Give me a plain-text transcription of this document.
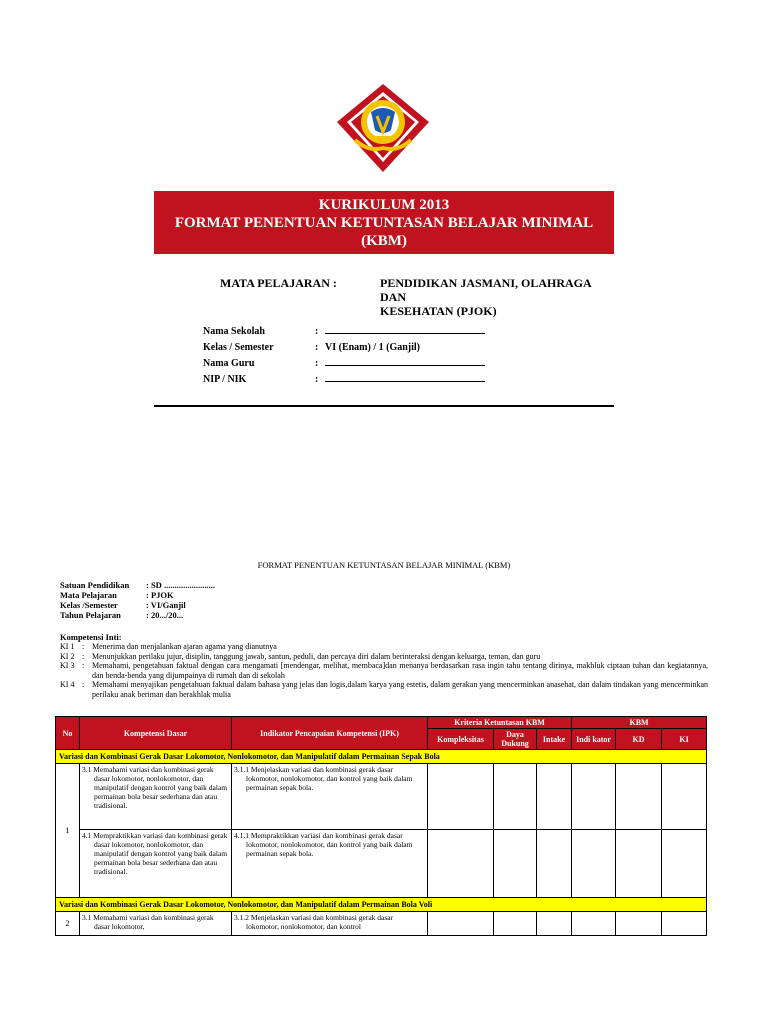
KURIKULUM 2013
FORMAT PENENTUAN KETUNTASAN BELAJAR MINIMAL
(KBM)
MATA PELAJARAN :	PENDIDIKAN JASMANI, OLAHRAGA DAN
KESEHATAN (PJOK)
Nama Sekolah	:
Kelas / Semester	: VI (Enam) / 1 (Ganjil)
Nama Guru	:
NIP / NIK	:
FORMAT PENENTUAN KETUNTASAN BELAJAR MINIMAL (KBM)
Satuan Pendidikan	: SD ........................
Mata Pelajaran	: PJOK
Kelas /Semester	: VI/Ganjil
Tahun Pelajaran	: 20.../20...
Kompetensi Inti:
KI 1 : Menerima dan menjalankan ajaran agama yang dianutnya
KI 2 : Menunjukkan perilaku jujur, disiplin, tanggung jawab, santun, peduli, dan percaya diri dalam berinteraksi dengan keluarga, teman, dan guru
KI 3 : Memahami, pengetahuan faktual dengan cara mengamati [mendengar, melihat, membaca]dan menanya berdasarkan rasa ingin tahu tentang dirinya, makhluk ciptaan tuhan dan kegiatannya, dan benda-benda yang dijumpainya di rumah dan di sekolah
KI 4 : Memahami menyajikan pengetahuan faktual dalam bahasa yang jelas dan logis,dalam karya yang estetis, dalam gerakan yang mencerminkan anasehat, dan dalam tindakan yang mencerminkan perilaku anak beriman dan berakhlak mulia
No	Kompetensi Dasar	Indikator Pencapaian Kompetensi (IPK)	Kriteria Ketuntasan KBM			KBM		
			Kompleksitas	Daya Dukung	Intake	Indi kator	KD	KI
Variasi dan Kombinasi Gerak Dasar Lokomotor, Nonlokomotor, dan Manipulatif dalam Permainan Sepak Bola								
1	3.1 Memahami variasi dan kombinasi gerak dasar lokomotor, nonlokomotor, dan manipulatif dengan kontrol yang baik dalam permainan bola besar sederhana dan atau tradisional.	3.1.1 Menjelaskan variasi dan kombinasi gerak dasar lokomotor, nonlokomotor, dan kontrol yang baik dalam permainan sepak bola.						
	4.1 Mempraktikkan variasi dan kombinasi gerak dasar lokomotor, nonlokomotor, dan manipulatif dengan kontrol yang baik dalam permainan bola besar sederhana dan atau tradisional.	4.1.1 Mempraktikkan variasi dan kombinasi gerak dasar lokomotor, nonlokomotor, dan kontrol yang baik dalam permainan sepak bola.						
Variasi dan Kombinasi Gerak Dasar Lokomotor, Nonlokomotor, dan Manipulatif dalam Permainan Bola Voli								
2	3.1 Memahami variasi dan kombinasi gerak dasar lokomotor,	3.1.2 Menjelaskan variasi dan kombinasi gerak dasar lokomotor, nonlokomotor, dan kontrol						
